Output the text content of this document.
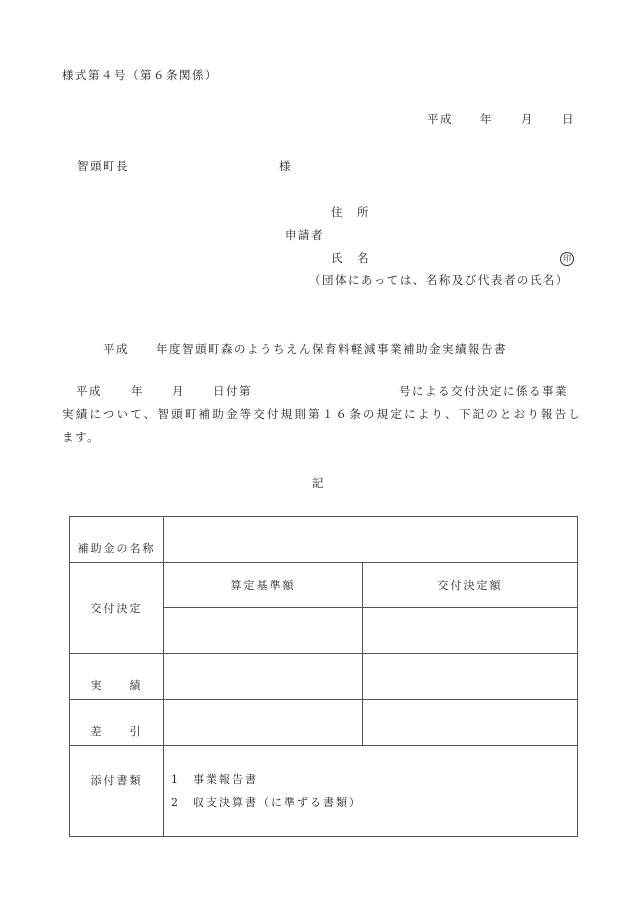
様式第４号（第６条関係）
平成 年 月 日
智頭町長	様
住　所
申請者
氏　名	印
（団体にあっては、名称及び代表者の氏名）
平成 年度智頭町森のようちえん保育料軽減事業補助金実績報告書
平成	年 月 日付第	号による交付決定に係る事業
実績について、智頭町補助金等交付規則第１６条の規定により、下記のとおり報告し
ます。
記
補助金の名称		
交付決定	算定基準額	交付決定額

実　　績		
差　　引		
添付書類	1　事業報告書
2　収支決算書（に準ずる書類）	
